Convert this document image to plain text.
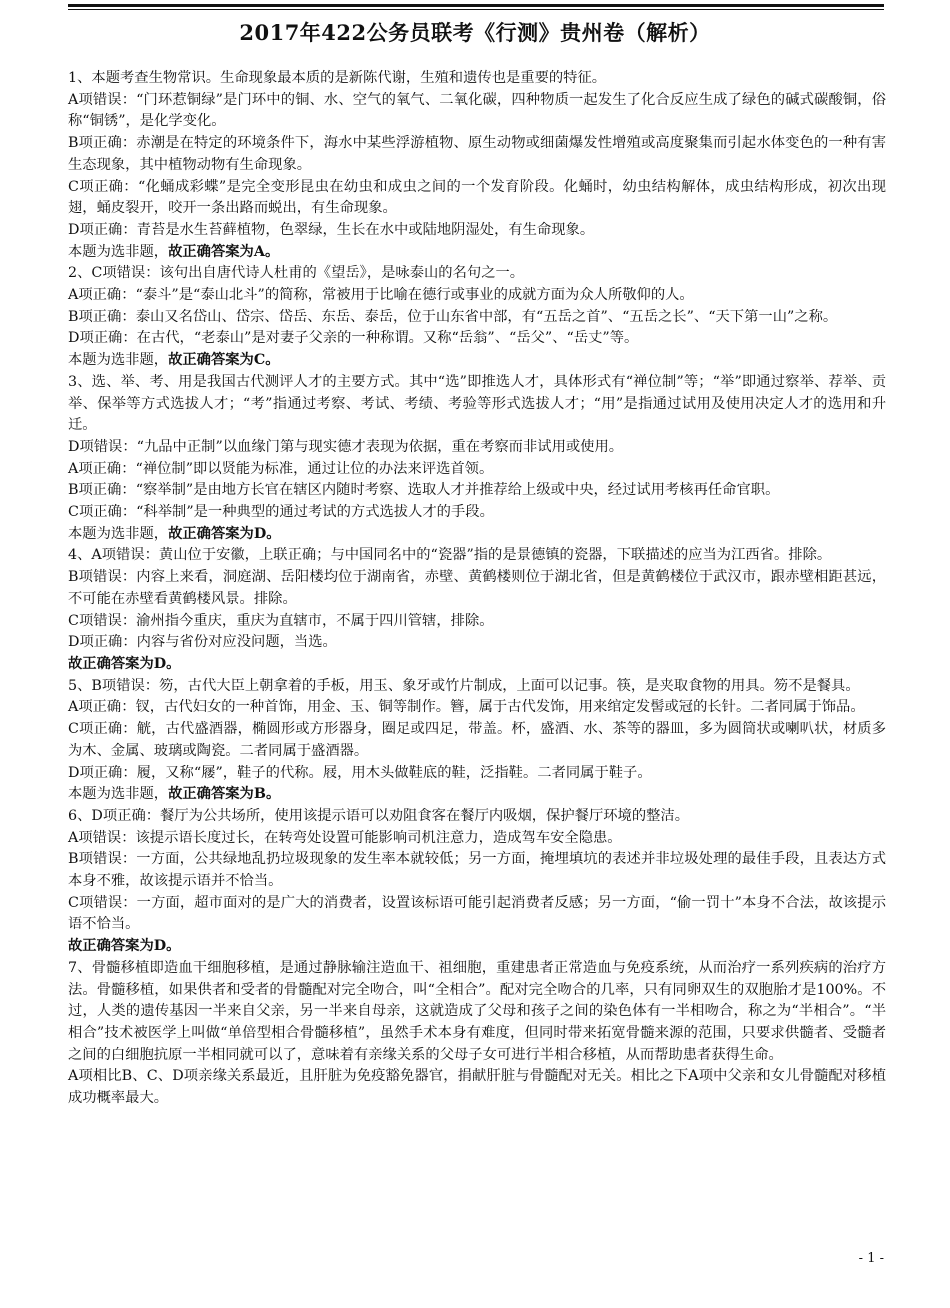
2017年422公务员联考《行测》贵州卷（解析）

1、本题考查生物常识。生命现象最本质的是新陈代谢，生殖和遗传也是重要的特征。

A项错误：“门环惹铜绿”是门环中的铜、水、空气的氧气、二氧化碳，四种物质一起发生了化合反应生成了绿色的碱式碳酸铜，俗称“铜锈”，是化学变化。

B项正确：赤潮是在特定的环境条件下，海水中某些浮游植物、原生动物或细菌爆发性增殖或高度聚集而引起水体变色的一种有害生态现象，其中植物动物有生命现象。

C项正确：“化蛹成彩蝶”是完全变形昆虫在幼虫和成虫之间的一个发育阶段。化蛹时，幼虫结构解体，成虫结构形成，初次出现翅，蛹皮裂开，咬开一条出路而蜕出，有生命现象。

D项正确：青苔是水生苔藓植物，色翠绿，生长在水中或陆地阴湿处，有生命现象。

本题为选非题，故正确答案为A。

2、C项错误：该句出自唐代诗人杜甫的《望岳》，是咏泰山的名句之一。

A项正确：“泰斗”是“泰山北斗”的简称，常被用于比喻在德行或事业的成就方面为众人所敬仰的人。

B项正确：泰山又名岱山、岱宗、岱岳、东岳、泰岳，位于山东省中部，有“五岳之首”、“五岳之长”、“天下第一山”之称。

D项正确：在古代，“老泰山”是对妻子父亲的一种称谓。又称“岳翁”、“岳父”、“岳丈”等。

本题为选非题，故正确答案为C。

3、选、举、考、用是我国古代测评人才的主要方式。其中“选”即推选人才，具体形式有“禅位制”等；“举”即通过察举、荐举、贡举、保举等方式选拔人才；“考”指通过考察、考试、考绩、考验等形式选拔人才；“用”是指通过试用及使用决定人才的选用和升迁。

D项错误：“九品中正制”以血缘门第与现实德才表现为依据，重在考察而非试用或使用。

A项正确：“禅位制”即以贤能为标准，通过让位的办法来评选首领。

B项正确：“察举制”是由地方长官在辖区内随时考察、选取人才并推荐给上级或中央，经过试用考核再任命官职。

C项正确：“科举制”是一种典型的通过考试的方式选拔人才的手段。

本题为选非题，故正确答案为D。

4、A项错误：黄山位于安徽，上联正确；与中国同名中的“瓷器”指的是景德镇的瓷器，下联描述的应当为江西省。排除。

B项错误：内容上来看，洞庭湖、岳阳楼均位于湖南省，赤壁、黄鹤楼则位于湖北省，但是黄鹤楼位于武汉市，跟赤壁相距甚远，不可能在赤壁看黄鹤楼风景。排除。

C项错误：渝州指今重庆，重庆为直辖市，不属于四川管辖，排除。

D项正确：内容与省份对应没问题，当选。

故正确答案为D。

5、B项错误：笏，古代大臣上朝拿着的手板，用玉、象牙或竹片制成，上面可以记事。筷，是夹取食物的用具。笏不是餐具。

A项正确：钗，古代妇女的一种首饰，用金、玉、铜等制作。簪，属于古代发饰，用来绾定发髻或冠的长针。二者同属于饰品。

C项正确：觥，古代盛酒器，椭圆形或方形器身，圈足或四足，带盖。杯，盛酒、水、茶等的器皿，多为圆筒状或喇叭状，材质多为木、金属、玻璃或陶瓷。二者同属于盛酒器。

D项正确：履，又称“屦”，鞋子的代称。屐，用木头做鞋底的鞋，泛指鞋。二者同属于鞋子。

本题为选非题，故正确答案为B。

6、D项正确：餐厅为公共场所，使用该提示语可以劝阻食客在餐厅内吸烟，保护餐厅环境的整洁。

A项错误：该提示语长度过长，在转弯处设置可能影响司机注意力，造成驾车安全隐患。

B项错误：一方面，公共绿地乱扔垃圾现象的发生率本就较低；另一方面，掩埋填坑的表述并非垃圾处理的最佳手段，且表达方式本身不雅，故该提示语并不恰当。

C项错误：一方面，超市面对的是广大的消费者，设置该标语可能引起消费者反感；另一方面，“偷一罚十”本身不合法，故该提示语不恰当。

故正确答案为D。

7、骨髓移植即造血干细胞移植，是通过静脉输注造血干、祖细胞，重建患者正常造血与免疫系统，从而治疗一系列疾病的治疗方法。骨髓移植，如果供者和受者的骨髓配对完全吻合，叫“全相合”。配对完全吻合的几率，只有同卵双生的双胞胎才是100%。不过，人类的遗传基因一半来自父亲，另一半来自母亲，这就造成了父母和孩子之间的染色体有一半相吻合，称之为“半相合”。“半相合”技术被医学上叫做“单倍型相合骨髓移植”，虽然手术本身有难度，但同时带来拓宽骨髓来源的范围，只要求供髓者、受髓者之间的白细胞抗原一半相同就可以了，意味着有亲缘关系的父母子女可进行半相合移植，从而帮助患者获得生命。

A项相比B、C、D项亲缘关系最近，且肝脏为免疫豁免器官，捐献肝脏与骨髓配对无关。相比之下A项中父亲和女儿骨髓配对移植成功概率最大。

- 1 -
